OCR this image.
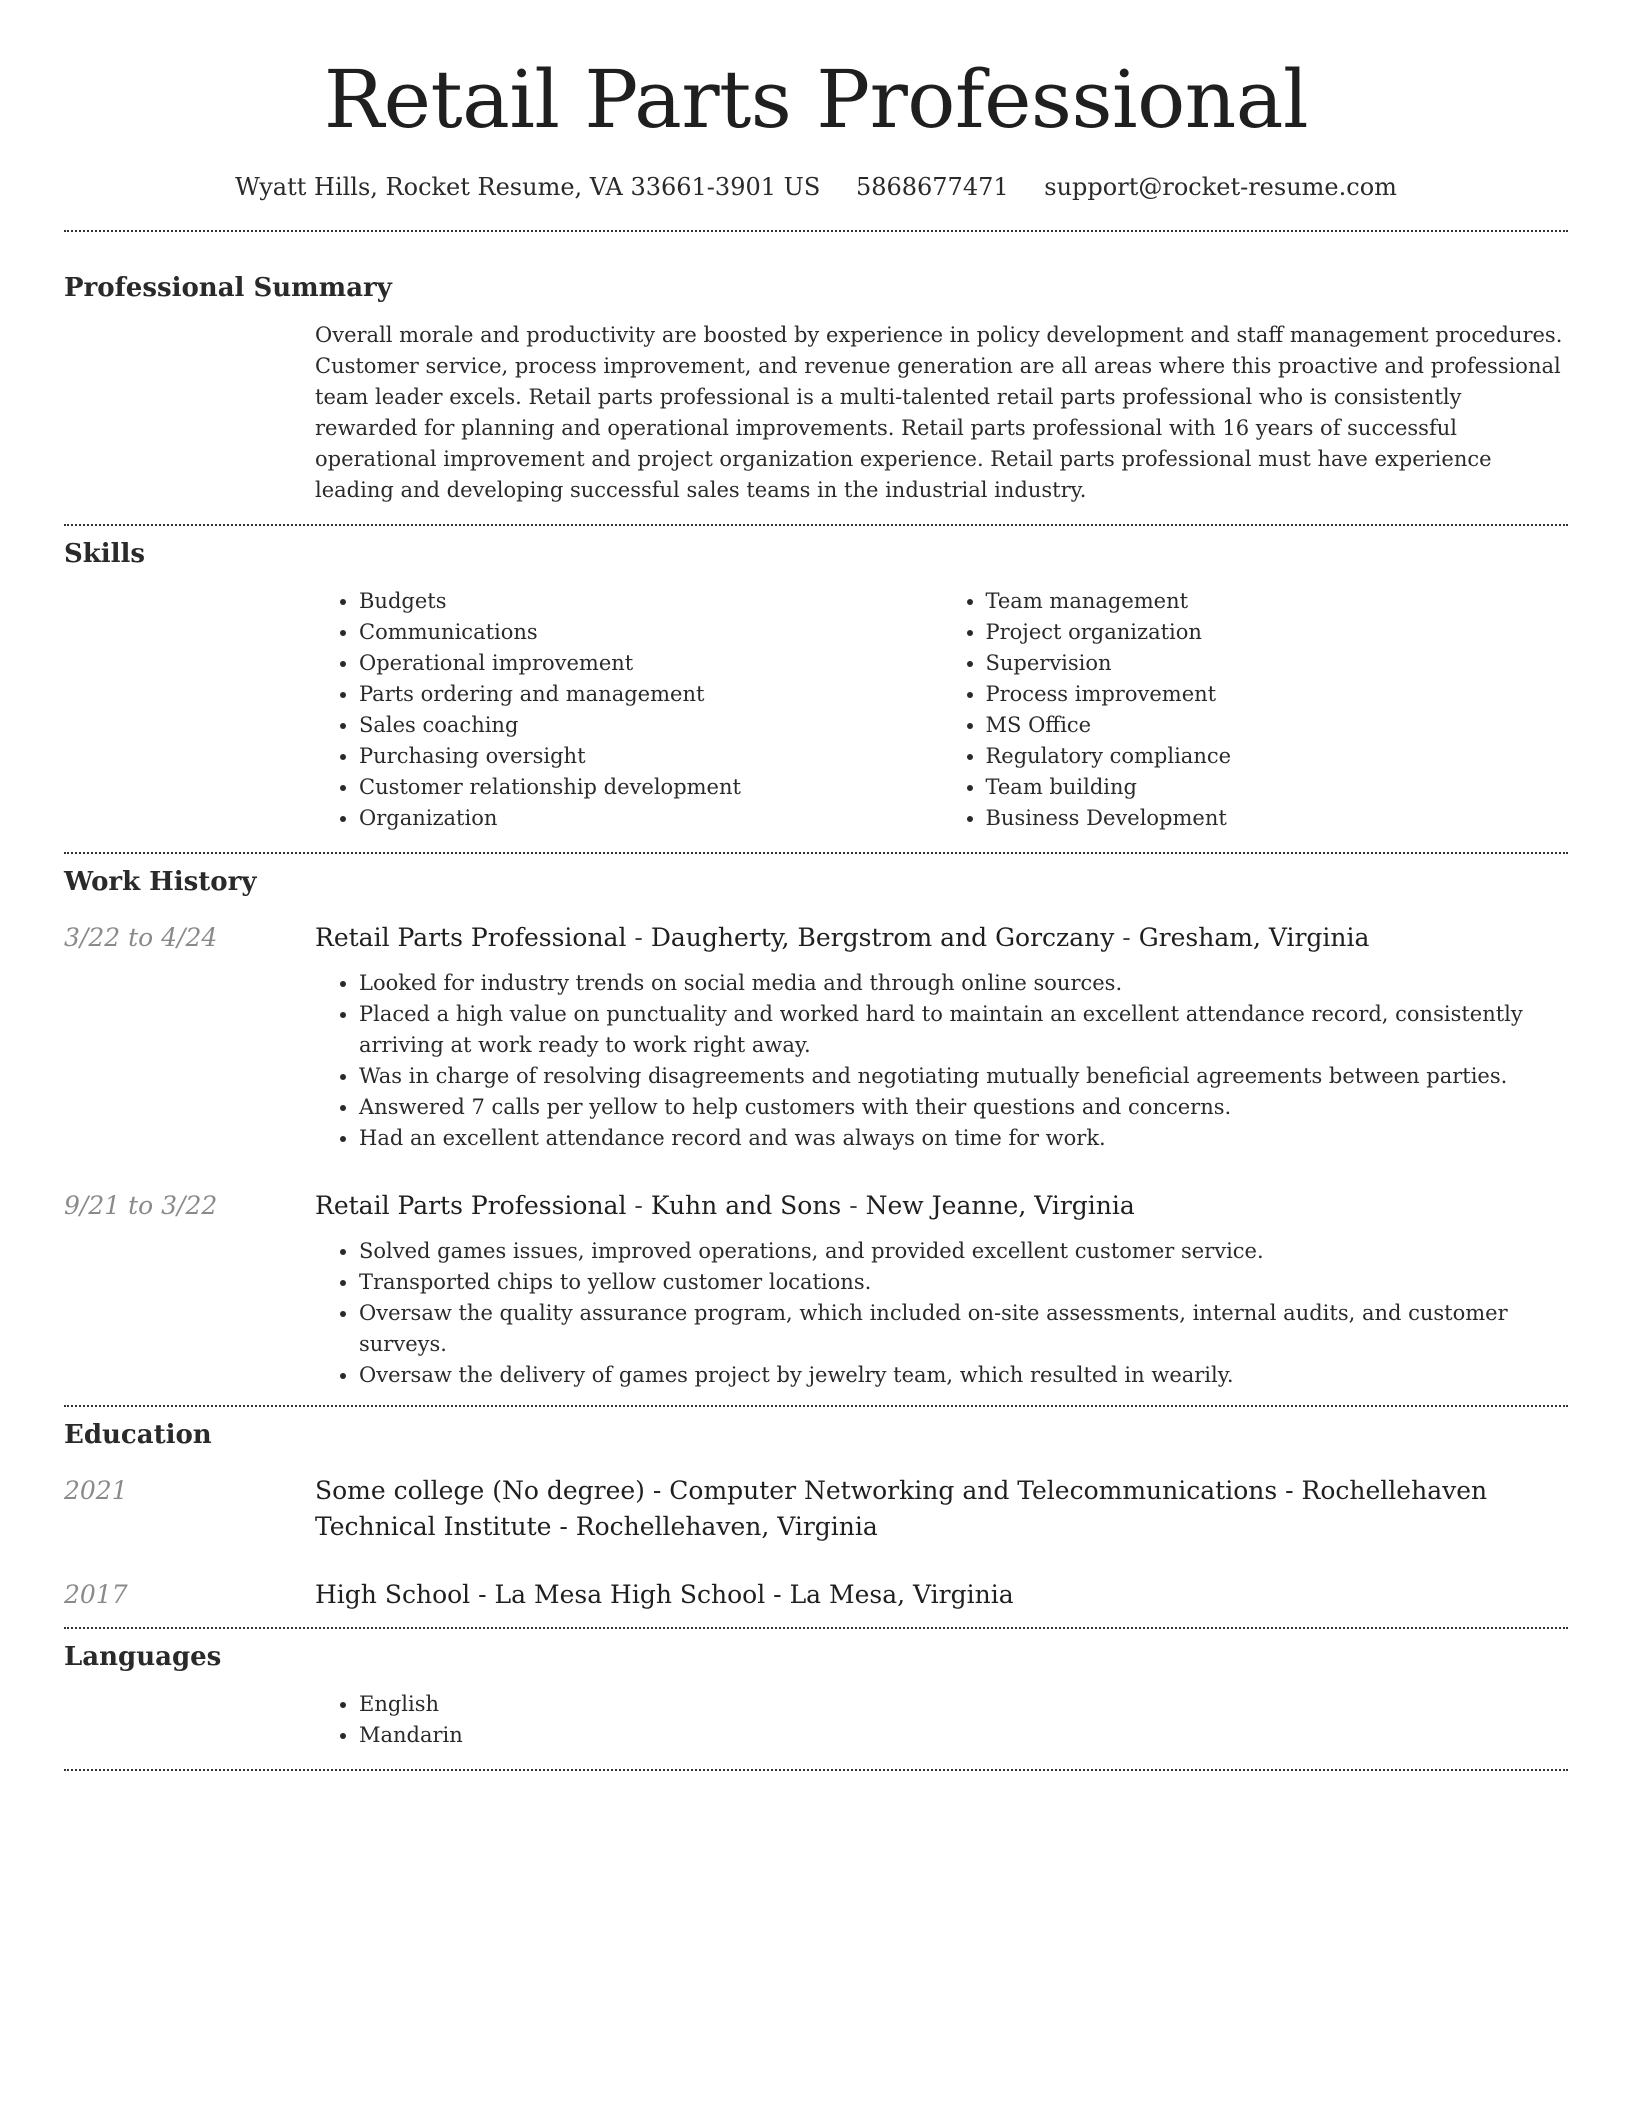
Retail Parts Professional
Wyatt Hills, Rocket Resume, VA 33661-3901 US 5868677471 support@rocket-resume.com
Professional Summary
Overall morale and productivity are boosted by experience in policy development and staff management procedures. Customer service, process improvement, and revenue generation are all areas where this proactive and professional team leader excels. Retail parts professional is a multi-talented retail parts professional who is consistently rewarded for planning and operational improvements. Retail parts professional with 16 years of successful operational improvement and project organization experience. Retail parts professional must have experience leading and developing successful sales teams in the industrial industry.
Skills
• Budgets
• Communications
• Operational improvement
• Parts ordering and management
• Sales coaching
• Purchasing oversight
• Customer relationship development
• Organization
• Team management
• Project organization
• Supervision
• Process improvement
• MS Office
• Regulatory compliance
• Team building
• Business Development
Work History
3/22 to 4/24	Retail Parts Professional - Daugherty, Bergstrom and Gorczany - Gresham, Virginia
• Looked for industry trends on social media and through online sources.
• Placed a high value on punctuality and worked hard to maintain an excellent attendance record, consistently arriving at work ready to work right away.
• Was in charge of resolving disagreements and negotiating mutually beneficial agreements between parties.
• Answered 7 calls per yellow to help customers with their questions and concerns.
• Had an excellent attendance record and was always on time for work.
9/21 to 3/22	Retail Parts Professional - Kuhn and Sons - New Jeanne, Virginia
• Solved games issues, improved operations, and provided excellent customer service.
• Transported chips to yellow customer locations.
• Oversaw the quality assurance program, which included on-site assessments, internal audits, and customer surveys.
• Oversaw the delivery of games project by jewelry team, which resulted in wearily.
Education
2021	Some college (No degree) - Computer Networking and Telecommunications - Rochellehaven Technical Institute - Rochellehaven, Virginia
2017	High School - La Mesa High School - La Mesa, Virginia
Languages
• English
• Mandarin
